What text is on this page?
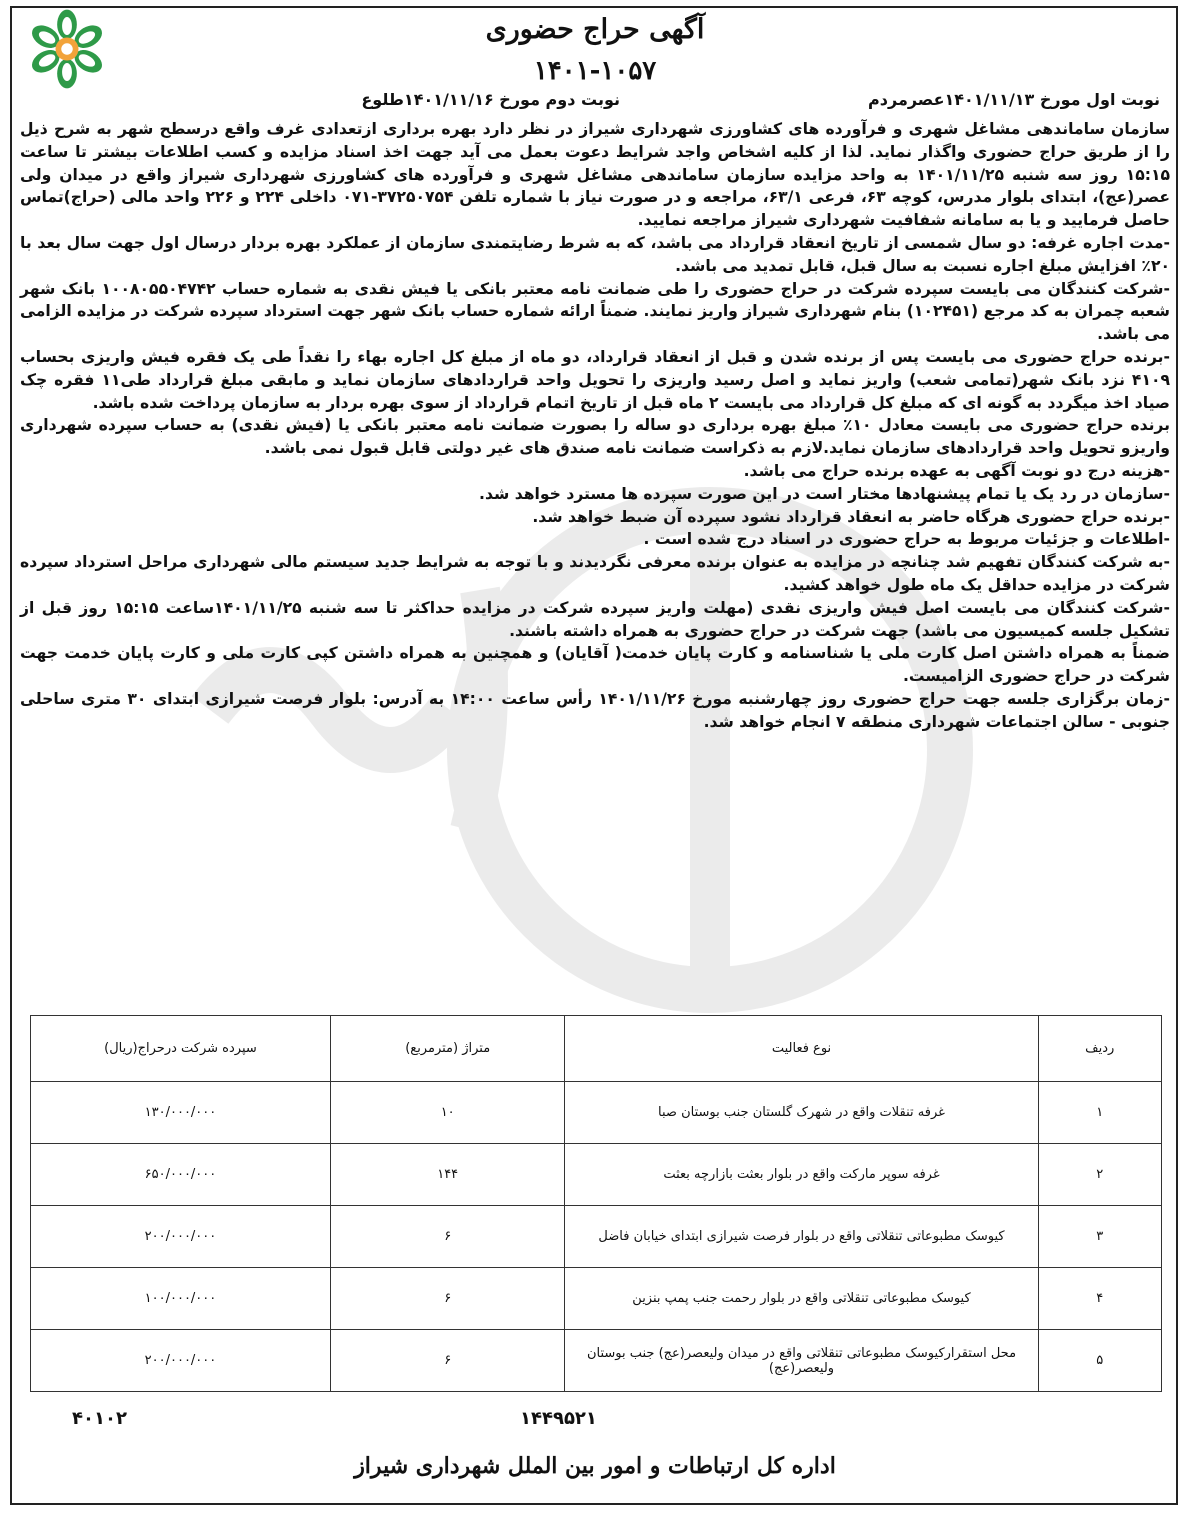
آگهی حراج حضوری
۱۴۰۱-۱۰۵۷
نوبت اول مورخ ۱۴۰۱/۱۱/۱۳عصرمردم
نوبت دوم مورخ ۱۴۰۱/۱۱/۱۶طلوع

سازمان ساماندهی مشاغل شهری و فرآورده های کشاورزی شهرداری شیراز در نظر دارد بهره برداری ازتعدادی غرف واقع درسطح شهر به شرح ذیل را از طریق حراج حضوری واگذار نماید. لذا از کلیه اشخاص واجد شرایط دعوت بعمل می آید جهت اخذ اسناد مزایده و کسب اطلاعات بیشتر تا ساعت ۱۵:۱۵ روز سه شنبه ۱۴۰۱/۱۱/۲۵ به واحد مزایده سازمان ساماندهی مشاغل شهری و فرآورده های کشاورزی شهرداری شیراز واقع در میدان ولی عصر(عج)، ابتدای بلوار مدرس، کوچه ۶۳، فرعی ۶۳/۱، مراجعه و در صورت نیاز با شماره تلفن ۳۷۲۵۰۷۵۴-۰۷۱ داخلی ۲۲۴ و ۲۲۶ واحد مالی (حراج)تماس حاصل فرمایید و یا به سامانه شفافیت شهرداری شیراز مراجعه نمایید.

-مدت اجاره غرفه: دو سال شمسی از تاریخ انعقاد قرارداد می باشد، که به شرط رضایتمندی سازمان از عملکرد بهره بردار درسال اول جهت سال بعد با ۲۰٪ افزایش مبلغ اجاره نسبت به سال قبل، قابل تمدید می باشد.

-شرکت کنندگان می بایست سپرده شرکت در حراج حضوری را طی ضمانت نامه معتبر بانکی یا فیش نقدی به شماره حساب ۱۰۰۸۰۵۵۰۴۷۴۲ بانک شهر شعبه چمران به کد مرجع (۱۰۲۴۵۱) بنام شهرداری شیراز واریز نمایند. ضمناً ارائه شماره حساب بانک شهر جهت استرداد سپرده شرکت در مزایده الزامی می باشد.

-برنده حراج حضوری می بایست پس از برنده شدن و قبل از انعقاد قرارداد، دو ماه از مبلغ کل اجاره بهاء را نقداً طی یک فقره فیش واریزی بحساب ۴۱۰۹ نزد بانک شهر(تمامی شعب) واریز نماید و اصل رسید واریزی را تحویل واحد قراردادهای سازمان نماید و مابقی مبلغ قرارداد طی۱۱ فقره چک صیاد اخذ میگردد به گونه ای که مبلغ کل قرارداد می بایست ۲ ماه قبل از تاریخ اتمام قرارداد از سوی بهره بردار به سازمان پرداخت شده باشد.

برنده حراج حضوری می بایست معادل ۱۰٪ مبلغ بهره برداری دو ساله را بصورت ضمانت نامه معتبر بانکی یا (فیش نقدی) به حساب سپرده شهرداری واریزو تحویل واحد قراردادهای سازمان نماید.لازم به ذکراست ضمانت نامه صندق های غیر دولتی قابل قبول نمی باشد.

-هزینه درج دو نوبت آگهی به عهده برنده حراج می باشد.

-سازمان در رد یک یا تمام پیشنهادها مختار است در این صورت سپرده ها مسترد خواهد شد.

-برنده حراج حضوری هرگاه حاضر به انعقاد قرارداد نشود سپرده آن ضبط خواهد شد.

-اطلاعات و جزئیات مربوط به حراج حضوری در اسناد درج شده است .

-به شرکت کنندگان تفهیم شد چنانچه در مزایده به عنوان برنده معرفی نگردیدند و با توجه به شرایط جدید سیستم مالی شهرداری مراحل استرداد سپرده شرکت در مزایده حداقل یک ماه طول خواهد کشید.

-شرکت کنندگان می بایست اصل فیش واریزی نقدی (مهلت واریز سپرده شرکت در مزایده حداکثر تا سه شنبه ۱۴۰۱/۱۱/۲۵ساعت ۱۵:۱۵ روز قبل از تشکیل جلسه کمیسیون می باشد) جهت شرکت در حراج حضوری به همراه داشته باشند.

ضمناً به همراه داشتن اصل کارت ملی یا شناسنامه و کارت پایان خدمت( آقایان) و همچنین به همراه داشتن کپی کارت ملی و کارت پایان خدمت جهت شرکت در حراج حضوری الزامیست.

-زمان برگزاری جلسه جهت حراج حضوری روز چهارشنبه مورخ ۱۴۰۱/۱۱/۲۶ رأس ساعت ۱۴:۰۰ به آدرس: بلوار فرصت شیرازی ابتدای ۳۰ متری ساحلی جنوبی - سالن اجتماعات شهرداری منطقه ۷ انجام خواهد شد.

ردیف	نوع فعالیت	متراژ (مترمربع)	سپرده شرکت درحراج(ریال)
۱	غرفه تنقلات واقع در شهرک گلستان جنب بوستان صبا	۱۰	۱۳۰/۰۰۰/۰۰۰
۲	غرفه سوپر مارکت واقع در بلوار بعثت بازارچه بعثت	۱۴۴	۶۵۰/۰۰۰/۰۰۰
۳	کیوسک مطبوعاتی تنقلاتی واقع در بلوار فرصت شیرازی ابتدای خیابان فاضل	۶	۲۰۰/۰۰۰/۰۰۰
۴	کیوسک مطبوعاتی تنقلاتی واقع در بلوار رحمت جنب پمپ بنزین	۶	۱۰۰/۰۰۰/۰۰۰
۵	محل استقرارکیوسک مطبوعاتی تنقلاتی واقع در میدان ولیعصر(عج) جنب بوستان ولیعصر(عج)	۶	۲۰۰/۰۰۰/۰۰۰
۴۰۱۰۲	۱۴۴۹۵۲۱
اداره کل ارتباطات و امور بین الملل شهرداری شیراز
